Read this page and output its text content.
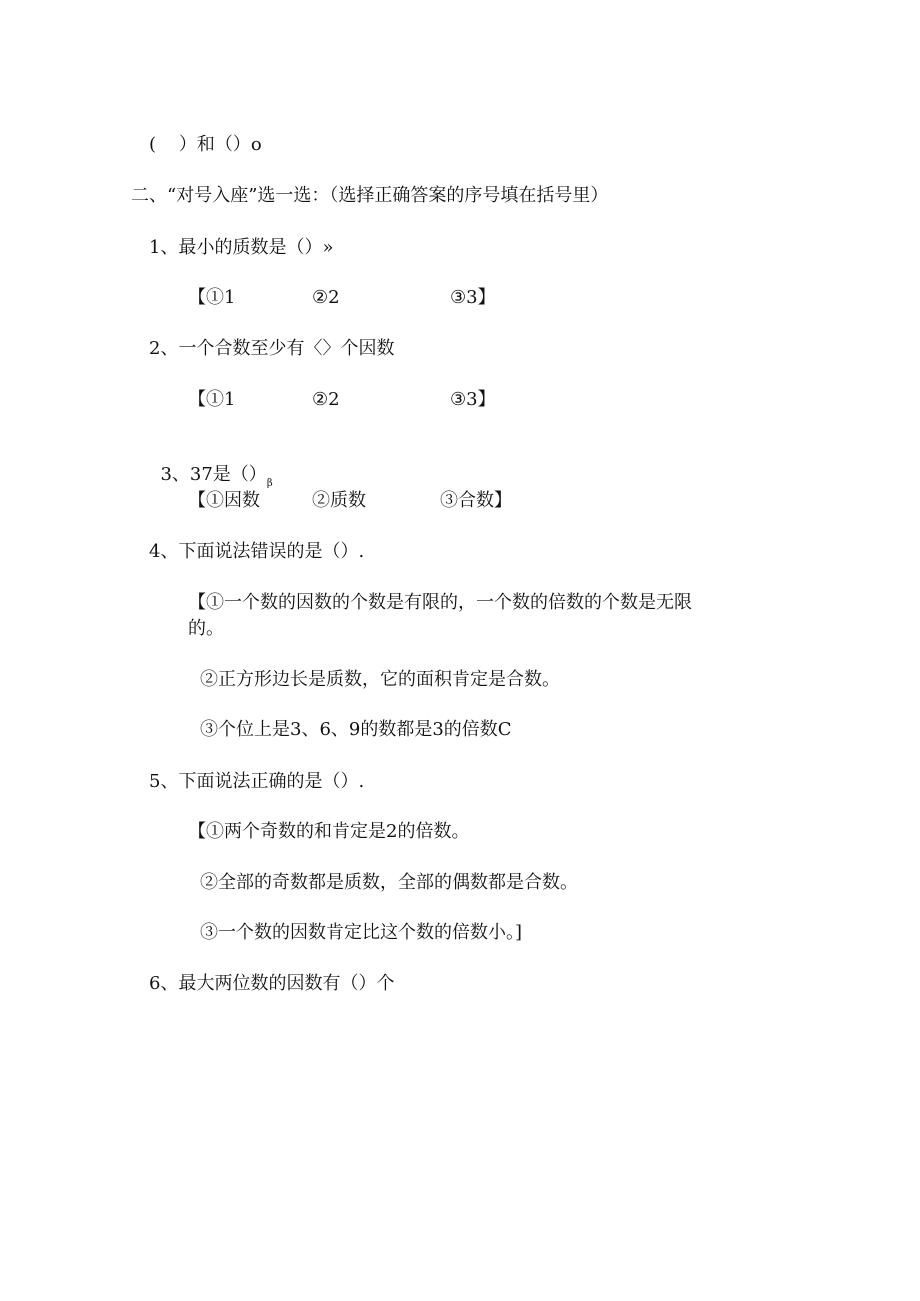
(    ）和（）o
二、“对号入座”选一选：（选择正确答案的序号填在括号里）
1、最小的质数是（）»
【①1	②2	③3】
2、一个合数至少有〈〉个因数
【①1	②2	③3】

3、37是$()_\beta$

【①因数	②质数	③合数】
4、下面说法错误的是（）.
【①一个数的因数的个数是有限的，一个数的倍数的个数是无限
的。
②正方形边长是质数，它的面积肯定是合数。
③个位上是3、6、9的数都是3的倍数C
5、下面说法正确的是（）.
【①两个奇数的和肯定是2的倍数。
②全部的奇数都是质数，全部的偶数都是合数。
③一个数的因数肯定比这个数的倍数小。]
6、最大两位数的因数有（）个
